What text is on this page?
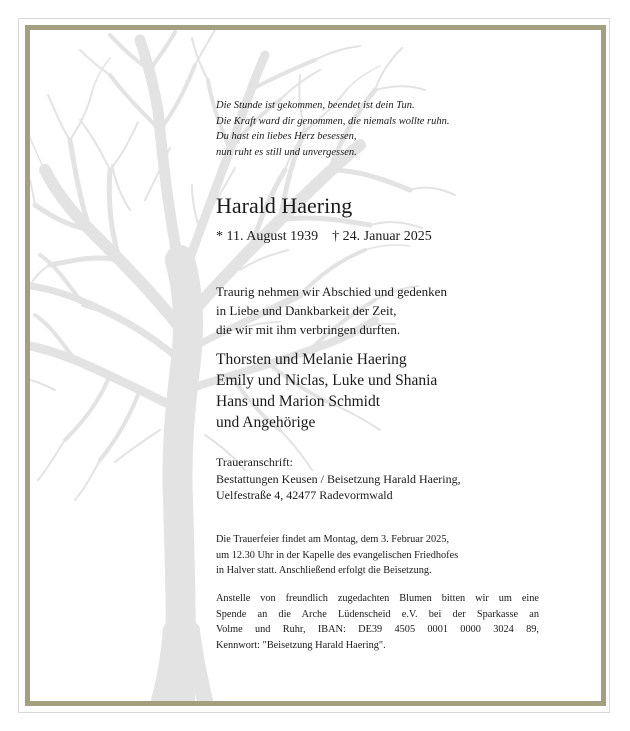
Die Stunde ist gekommen, beendet ist dein Tun.
Die Kraft ward dir genommen, die niemals wollte ruhn.
Du hast ein liebes Herz besessen,
nun ruht es still und unvergessen.
Harald Haering
* 11. August 1939 † 24. Januar 2025
Traurig nehmen wir Abschied und gedenken
in Liebe und Dankbarkeit der Zeit,
die wir mit ihm verbringen durften.
Thorsten und Melanie Haering
Emily und Niclas, Luke und Shania
Hans und Marion Schmidt
und Angehörige
Traueranschrift:
Bestattungen Keusen / Beisetzung Harald Haering,
Uelfestraße 4, 42477 Radevormwald
Die Trauerfeier findet am Montag, dem 3. Februar 2025,
um 12.30 Uhr in der Kapelle des evangelischen Friedhofes
in Halver statt. Anschließend erfolgt die Beisetzung.
Anstelle von freundlich zugedachten Blumen bitten wir um eine
Spende an die Arche Lüdenscheid e.V. bei der Sparkasse an
Volme und Ruhr, IBAN: DE39 4505 0001 0000 3024 89,
Kennwort: "Beisetzung Harald Haering".
